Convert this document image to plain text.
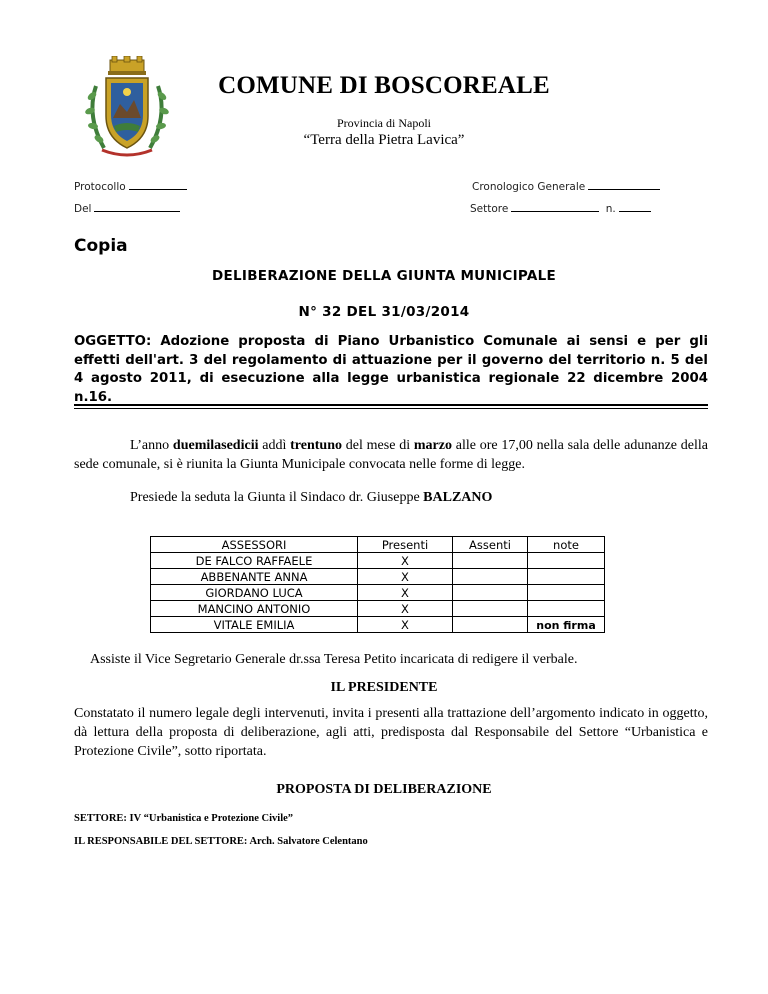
COMUNE DI BOSCOREALE
Provincia di Napoli
“Terra della Pietra Lavica”
Protocollo	Cronologico Generale
Del	Settore	n.
Copia
DELIBERAZIONE DELLA GIUNTA MUNICIPALE
N° 32 DEL 31/03/2014
OGGETTO: Adozione proposta di Piano Urbanistico Comunale ai sensi e per gli effetti dell'art. 3 del regolamento di attuazione per il governo del territorio n. 5 del 4 agosto 2011, di esecuzione alla legge urbanistica regionale 22 dicembre 2004 n.16.
L’anno duemilasedicii addì trentuno del mese di marzo alle ore 17,00 nella sala delle adunanze della sede comunale, si è riunita la Giunta Municipale convocata nelle forme di legge.
Presiede la seduta la Giunta il Sindaco dr. Giuseppe BALZANO
ASSESSORI	Presenti	Assenti	note
DE FALCO RAFFAELE	X		
ABBENANTE ANNA	X		
GIORDANO LUCA	X		
MANCINO ANTONIO	X		
VITALE EMILIA	X		non firma
Assiste il Vice Segretario Generale dr.ssa Teresa Petito incaricata di redigere il verbale.
IL PRESIDENTE
Constatato il numero legale degli intervenuti, invita i presenti alla trattazione dell’argomento indicato in oggetto, dà lettura della proposta di deliberazione, agli atti, predisposta dal Responsabile del Settore “Urbanistica e Protezione Civile”, sotto riportata.
PROPOSTA DI DELIBERAZIONE
SETTORE: IV “Urbanistica e Protezione Civile”
IL RESPONSABILE DEL SETTORE: Arch. Salvatore Celentano
